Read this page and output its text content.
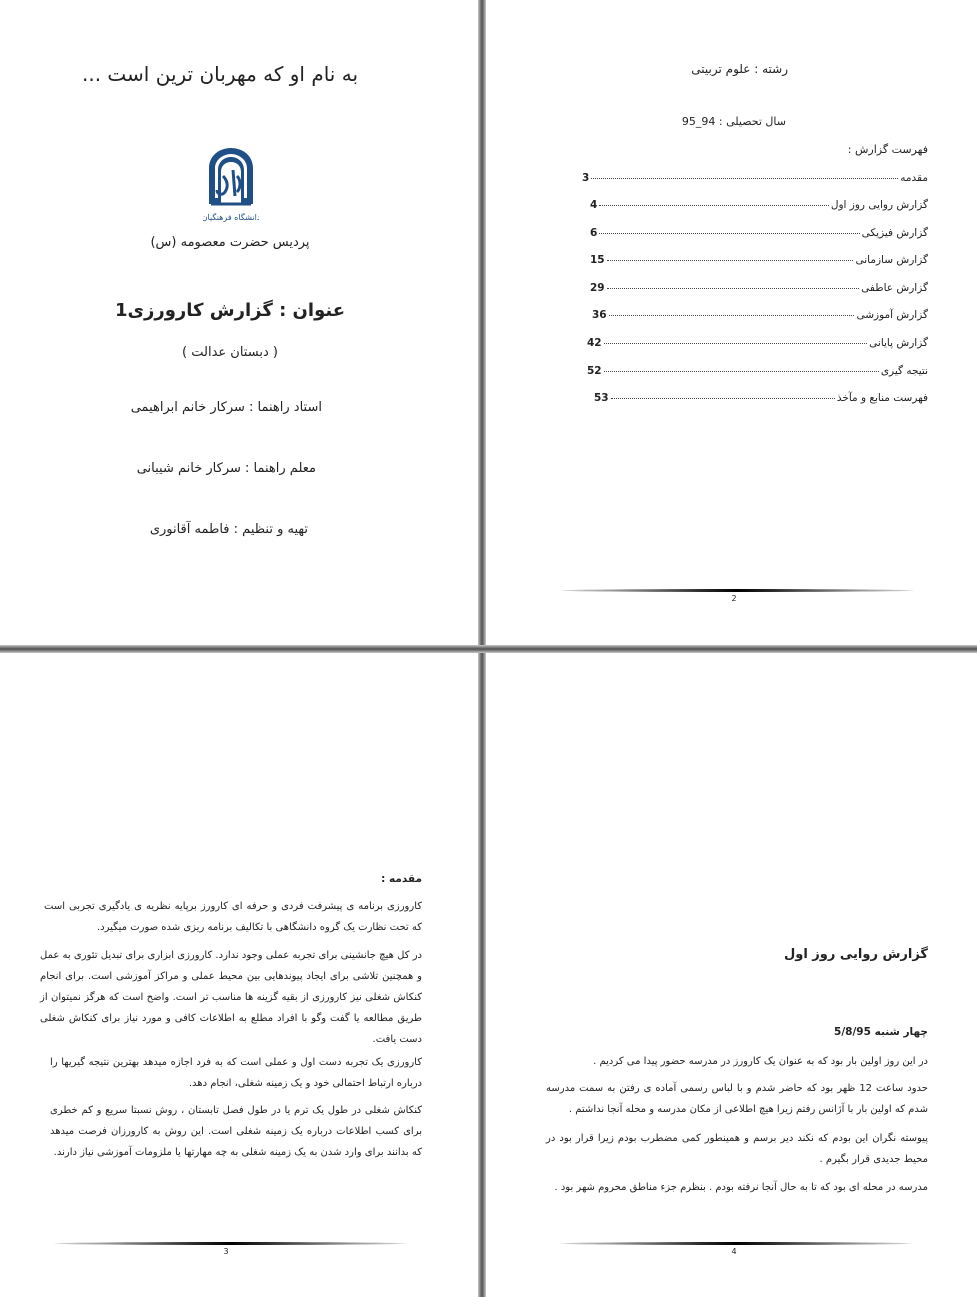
به نام او که مهربان ترین است ...
دانشگاه فرهنگیان
پردیس حضرت معصومه (س)
عنوان : گزارش کارورزی1
( دبستان عدالت )
استاد راهنما : سرکار خانم ابراهیمی
معلم راهنما : سرکار خانم شیبانی
تهیه و تنظیم : فاطمه آقانوری
رشته : علوم تربیتی
سال تحصیلی : 94_95
فهرست گزارش :
مقدمه
3
گزارش روایی روز اول
4
گزارش فیزیکی
6
گزارش سازمانی
15
گزارش عاطفی
29
گزارش آموزشی
36
گزارش پایانی
42
نتیجه گیری
52
فهرست منابع و مآخذ
53
2
مقدمه :
کارورزی برنامه ی پیشرفت فردی و حرفه ای کارورز برپایه نظریه ی یادگیری تجربی است که تحت نظارت یک گروه دانشگاهی با تکالیف برنامه ریزی شده صورت میگیرد.
در کل هیچ جانشینی برای تجربه عملی وجود ندارد. کارورزی ابزاری برای تبدیل تئوری به عمل و همچنین تلاشی برای ایجاد پیوندهایی بین محیط عملی و مراکز آموزشی است. برای انجام کنکاش شغلی نیز کارورزی از بقیه گزینه ها مناسب تر است. واضح است که هرگز نمیتوان از طریق مطالعه یا گفت وگو با افراد مطلع به اطلاعات کافی و مورد نیاز برای کنکاش شغلی دست یافت.
کارورزی یک تجربه دست اول و عملی است که به فرد اجازه میدهد بهترین نتیجه گیریها را درباره ارتباط احتمالی خود و یک زمینه شغلی، انجام دهد.
کنکاش شغلی در طول یک ترم یا در طول فصل تابستان ، روش نسبتا سریع و کم خطری برای کسب اطلاعات درباره یک زمینه شغلی است. این روش به کارورزان فرصت میدهد که بدانند برای وارد شدن به یک زمینه شغلی به چه مهارتها یا ملزومات آموزشی نیاز دارند.
3
گزارش روایی روز اول
چهار شنبه 5/8/95
در این روز اولین بار بود که به عنوان یک کارورز در مدرسه حضور پیدا می کردیم .
حدود ساعت 12 ظهر بود که حاضر شدم و با لباس رسمی آماده ی رفتن به سمت مدرسه شدم که اولین بار با آژانس رفتم زیرا هیچ اطلاعی از مکان مدرسه و محله آنجا نداشتم .
پیوسته نگران این بودم که نکند دیر برسم و همینطور کمی مضطرب بودم زیرا قرار بود در محیط جدیدی قرار بگیرم .
مدرسه در محله ای بود که تا به حال آنجا نرفته بودم . بنظرم جزء مناطق محروم شهر بود .
4
